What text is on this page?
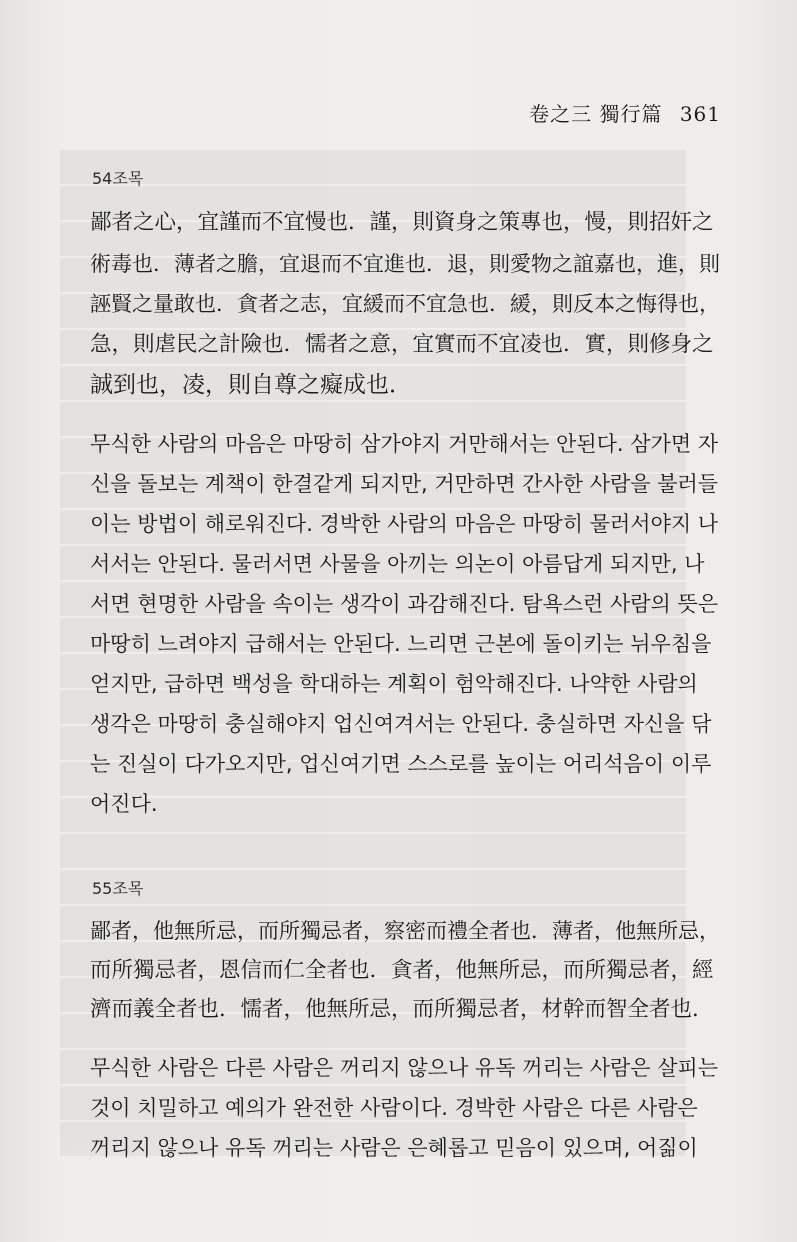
卷之三 獨行篇 361
54조목
鄙者之心，宜謹而不宜慢也．謹，則資身之策專也，慢，則招奸之
術毒也．薄者之膽，宜退而不宜進也．退，則愛物之誼嘉也，進，則
誣賢之量敢也．貪者之志，宜緩而不宜急也．緩，則反本之悔得也，
急，則虐民之計險也．懦者之意，宜實而不宜凌也．實，則修身之
誠到也，凌，則自尊之癡成也．
무식한 사람의 마음은 마땅히 삼가야지 거만해서는 안된다. 삼가면 자
신을 돌보는 계책이 한결같게 되지만, 거만하면 간사한 사람을 불러들
이는 방법이 해로워진다. 경박한 사람의 마음은 마땅히 물러서야지 나
서서는 안된다. 물러서면 사물을 아끼는 의논이 아름답게 되지만, 나
서면 현명한 사람을 속이는 생각이 과감해진다. 탐욕스런 사람의 뜻은
마땅히 느려야지 급해서는 안된다. 느리면 근본에 돌이키는 뉘우침을
얻지만, 급하면 백성을 학대하는 계획이 험악해진다. 나약한 사람의
생각은 마땅히 충실해야지 업신여겨서는 안된다. 충실하면 자신을 닦
는 진실이 다가오지만, 업신여기면 스스로를 높이는 어리석음이 이루
어진다.
55조목
鄙者，他無所忌，而所獨忌者，察密而禮全者也．薄者，他無所忌，
而所獨忌者，恩信而仁全者也．貪者，他無所忌，而所獨忌者，經
濟而義全者也．懦者，他無所忌，而所獨忌者，材幹而智全者也．
무식한 사람은 다른 사람은 꺼리지 않으나 유독 꺼리는 사람은 살피는
것이 치밀하고 예의가 완전한 사람이다. 경박한 사람은 다른 사람은
꺼리지 않으나 유독 꺼리는 사람은 은혜롭고 믿음이 있으며, 어짊이
